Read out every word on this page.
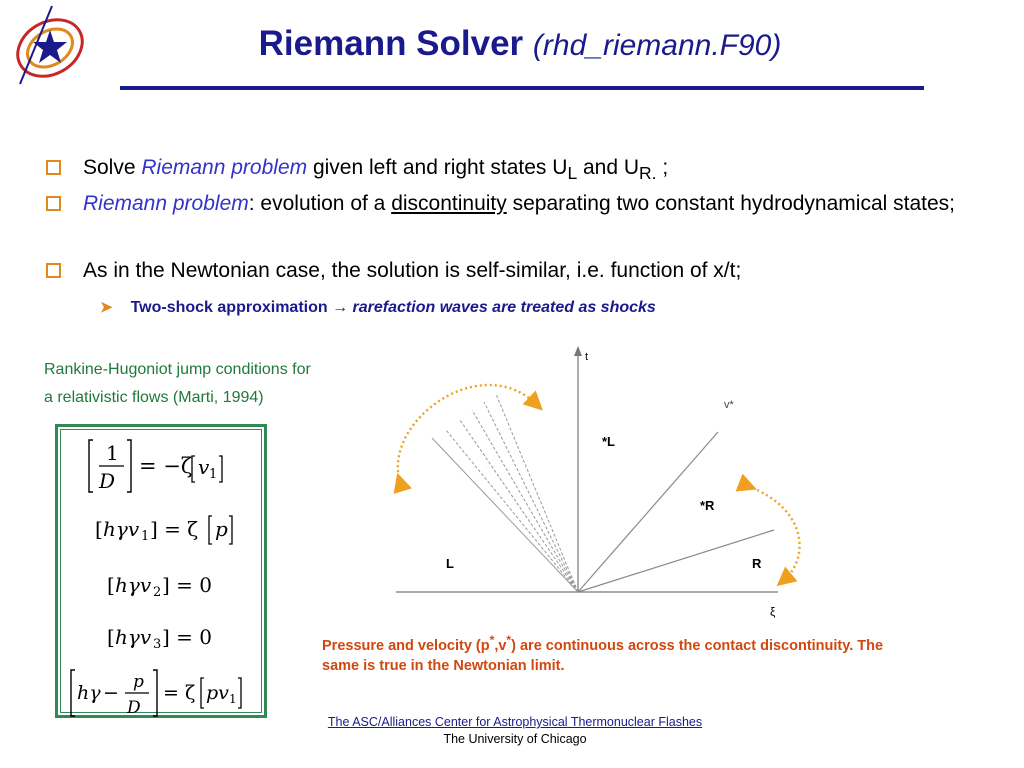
Riemann Solver (rhd_riemann.F90)
Solve Riemann problem given left and right states $U_L$ and $U_{R.}$ ;
Riemann problem: evolution of a discontinuity separating two constant hydrodynamical states;
As in the Newtonian case, the solution is self-similar, i.e. function of x/t;
➤ Two-shock approximation → rarefaction waves are treated as shocks
Rankine-Hugoniot jump conditions for
a relativistic flows (Marti, 1994)
1
D
= −ζ v 1
[ hγv 1 ] = ζ p
[ hγv 2 ] = 0
[ hγv 3 ] = 0
hγ − p
D
= ζ pv 1
t
ξ
v*
*L
*R
L	R
Pressure and velocity (p*,v*) are continuous across the contact discontinuity. The same is true in the Newtonian limit.
The ASC/Alliances Center for Astrophysical Thermonuclear Flashes
The University of Chicago
